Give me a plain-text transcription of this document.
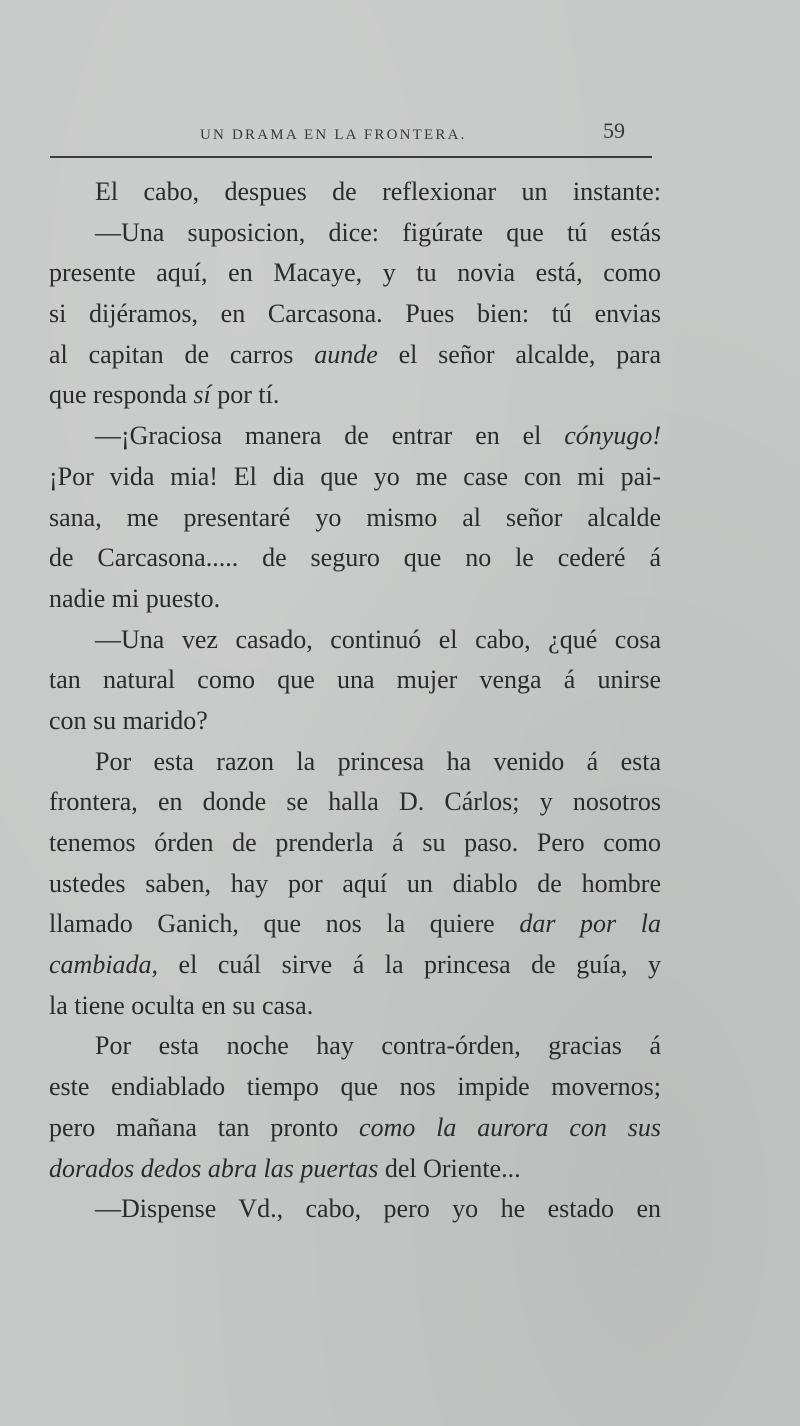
UN DRAMA EN LA FRONTERA.	59
El cabo, despues de reflexionar un instante:
—Una suposicion, dice: figúrate que tú estás
presente aquí, en Macaye, y tu novia está, como
si dijéramos, en Carcasona. Pues bien: tú envias
al capitan de carros aunde el señor alcalde, para
que responda sí por tí.
—¡Graciosa manera de entrar en el cónyugo!
¡Por vida mia! El dia que yo me case con mi pai-
sana, me presentaré yo mismo al señor alcalde
de Carcasona..... de seguro que no le cederé á
nadie mi puesto.
—Una vez casado, continuó el cabo, ¿qué cosa
tan natural como que una mujer venga á unirse
con su marido?
Por esta razon la princesa ha venido á esta
frontera, en donde se halla D. Cárlos; y nosotros
tenemos órden de prenderla á su paso. Pero como
ustedes saben, hay por aquí un diablo de hombre
llamado Ganich, que nos la quiere dar por la
cambiada, el cuál sirve á la princesa de guía, y
la tiene oculta en su casa.
Por esta noche hay contra-órden, gracias á
este endiablado tiempo que nos impide movernos;
pero mañana tan pronto como la aurora con sus
dorados dedos abra las puertas del Oriente...
—Dispense Vd., cabo, pero yo he estado en
